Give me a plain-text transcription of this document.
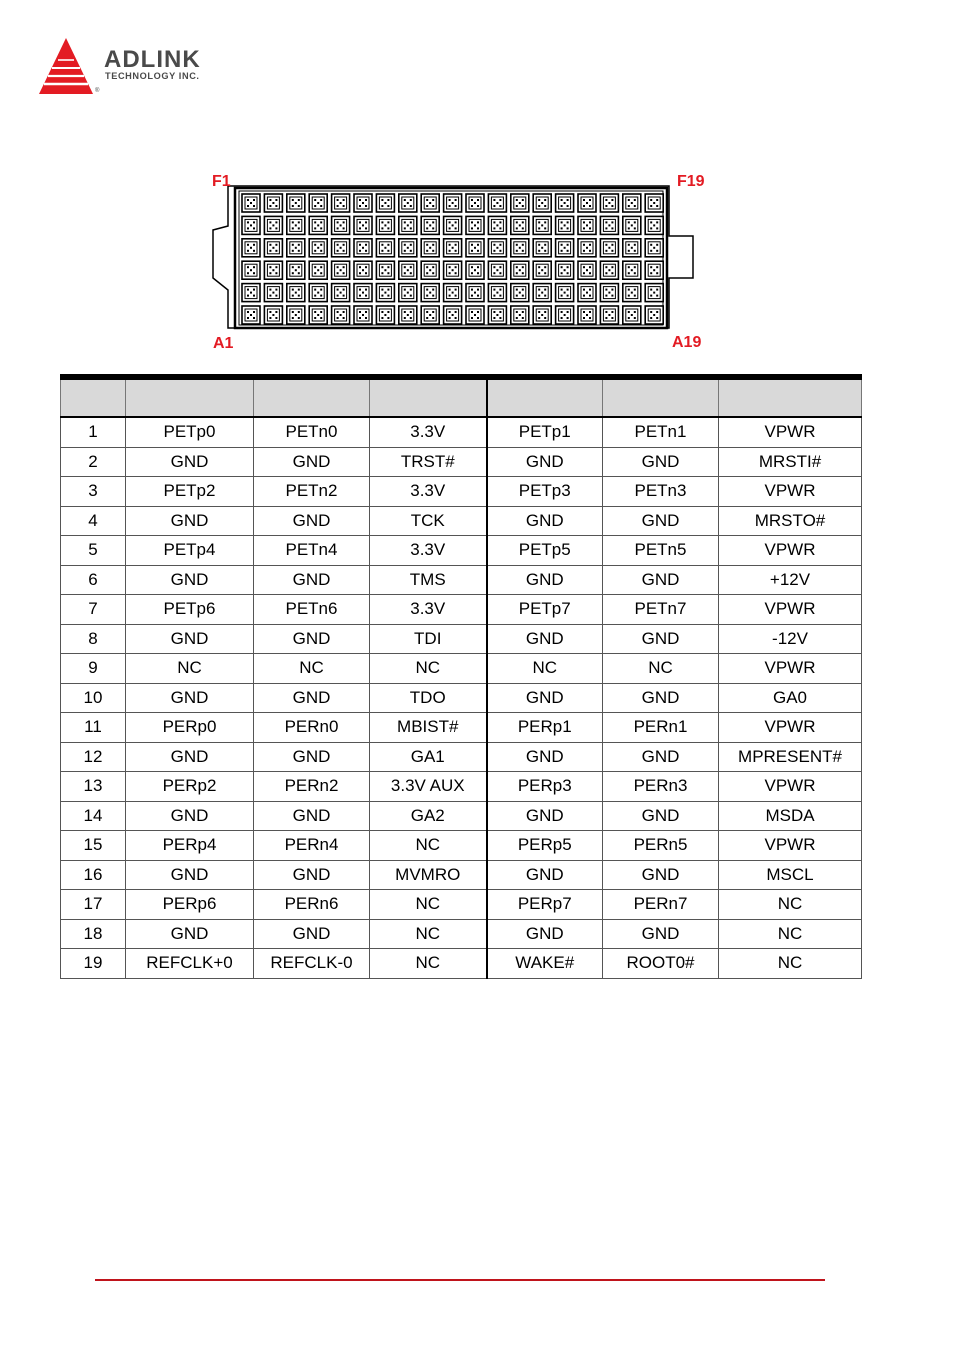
ADLINK
TECHNOLOGY INC.
®
F1	F19
A1	A19

1	PETp0	PETn0	3.3V	PETp1	PETn1	VPWR
2	GND	GND	TRST#	GND	GND	MRSTI#
3	PETp2	PETn2	3.3V	PETp3	PETn3	VPWR
4	GND	GND	TCK	GND	GND	MRSTO#
5	PETp4	PETn4	3.3V	PETp5	PETn5	VPWR
6	GND	GND	TMS	GND	GND	+12V
7	PETp6	PETn6	3.3V	PETp7	PETn7	VPWR
8	GND	GND	TDI	GND	GND	-12V
9	NC	NC	NC	NC	NC	VPWR
10	GND	GND	TDO	GND	GND	GA0
11	PERp0	PERn0	MBIST#	PERp1	PERn1	VPWR
12	GND	GND	GA1	GND	GND	MPRESENT#
13	PERp2	PERn2	3.3V AUX	PERp3	PERn3	VPWR
14	GND	GND	GA2	GND	GND	MSDA
15	PERp4	PERn4	NC	PERp5	PERn5	VPWR
16	GND	GND	MVMRO	GND	GND	MSCL
17	PERp6	PERn6	NC	PERp7	PERn7	NC
18	GND	GND	NC	GND	GND	NC
19	REFCLK+0	REFCLK-0	NC	WAKE#	ROOT0#	NC
